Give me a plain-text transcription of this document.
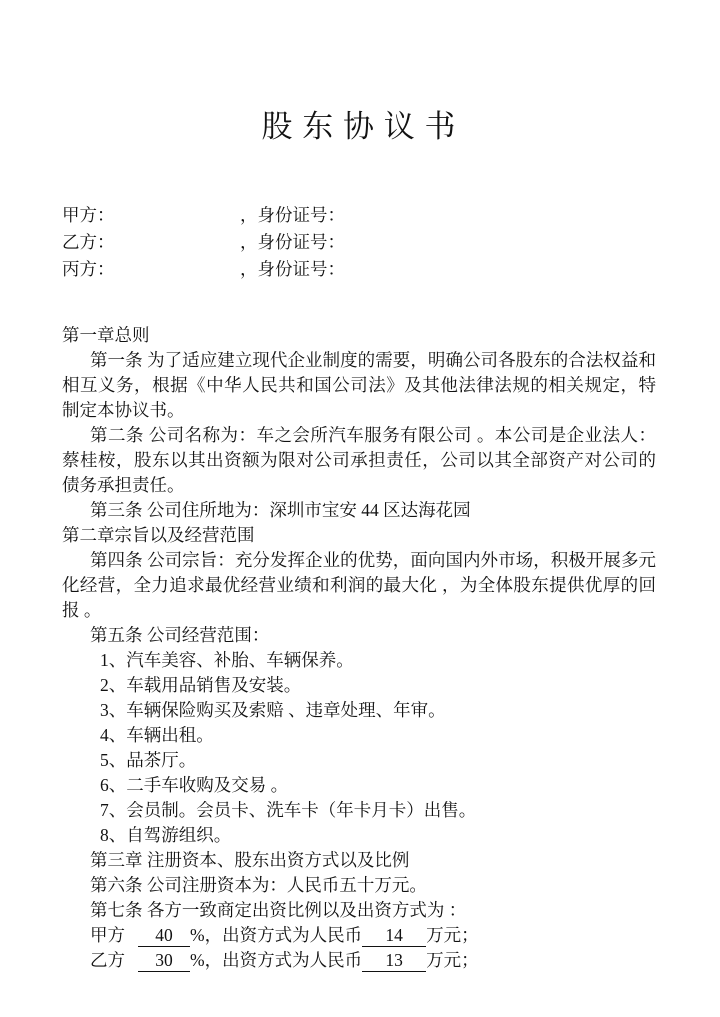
股 东 协 议 书
甲方：	，身份证号：
乙方：	，身份证号：
丙方：	，身份证号：
第一章总则

第一条 为了适应建立现代企业制度的需要，明确公司各股东的合法权益和相互义务，根据《中华人民共和国公司法》及其他法律法规的相关规定，特制定本协议书。

第二条 公司名称为：车之会所汽车服务有限公司 。本公司是企业法人：蔡桂桉，股东以其出资额为限对公司承担责任，公司以其全部资产对公司的债务承担责任。

第三条 公司住所地为：深圳市宝安 44 区达海花园

第二章宗旨以及经营范围

第四条 公司宗旨：充分发挥企业的优势，面向国内外市场，积极开展多元化经营，全力追求最优经营业绩和利润的最大化 ，为全体股东提供优厚的回报 。

第五条 公司经营范围：

1、汽车美容、补胎、车辆保养。

2、车载用品销售及安装。

3、车辆保险购买及索赔 、违章处理、年审。

4、车辆出租。

5、品茶厅。

6、二手车收购及交易 。

7、会员制。会员卡、洗车卡（年卡月卡）出售。

8、自驾游组织。

第三章 注册资本、股东出资方式以及比例

第六条 公司注册资本为：人民币五十万元。

第七条 各方一致商定出资比例以及出资方式为 ：

甲方 40 %，出资方式为人民币 14 万元；

乙方 30 %，出资方式为人民币 13 万元；
